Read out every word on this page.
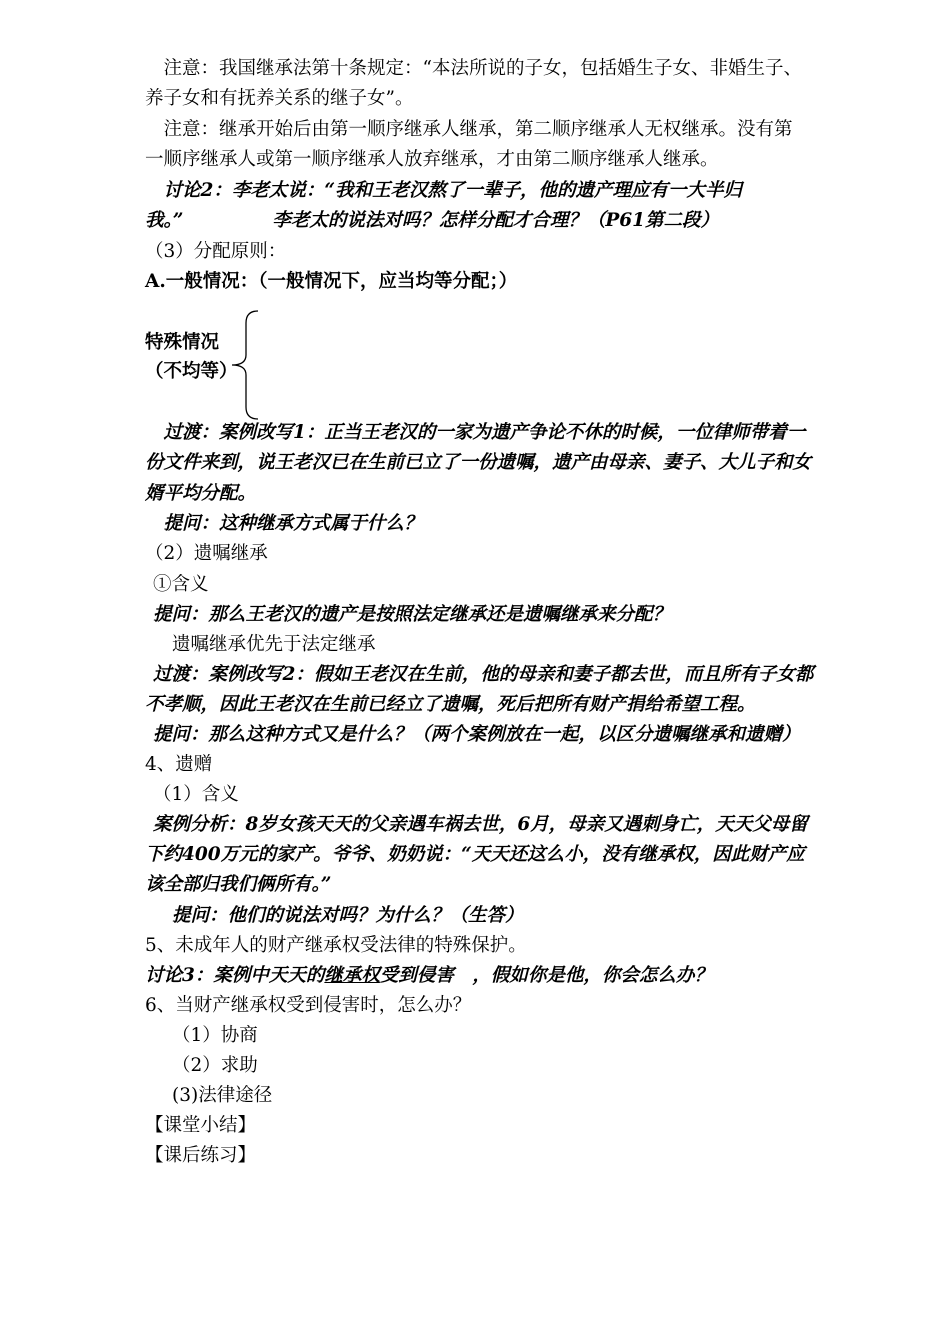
　注意：我国继承法第十条规定：“本法所说的子女，包括婚生子女、非婚生子、
养子女和有抚养关系的继子女”。
　注意：继承开始后由第一顺序继承人继承，第二顺序继承人无权继承。没有第
一顺序继承人或第一顺序继承人放弃继承，才由第二顺序继承人继承。
　讨论2：李老太说：“我和王老汉熬了一辈子，他的遗产理应有一大半归
我。”	李老太的说法对吗？怎样分配才合理？（P61第二段）
（3）分配原则：
A.一般情况：（一般情况下，应当均等分配；）
特殊情况
（不均等）
　过渡：案例改写1：正当王老汉的一家为遗产争论不休的时候，一位律师带着一
份文件来到，说王老汉已在生前已立了一份遗嘱，遗产由母亲、妻子、大儿子和女
婿平均分配。
　提问：这种继承方式属于什么？
（2）遗嘱继承
①含义
提问：那么王老汉的遗产是按照法定继承还是遗嘱继承来分配？
遗嘱继承优先于法定继承
过渡：案例改写2：假如王老汉在生前，他的母亲和妻子都去世，而且所有子女都
不孝顺，因此王老汉在生前已经立了遗嘱，死后把所有财产捐给希望工程。
提问：那么这种方式又是什么？（两个案例放在一起，以区分遗嘱继承和遗赠）
4、遗赠
（1）含义
案例分析：8岁女孩天天的父亲遇车祸去世，6月，母亲又遇刺身亡，天天父母留
下约400万元的家产。爷爷、奶奶说：“天天还这么小，没有继承权，因此财产应
该全部归我们俩所有。”
提问：他们的说法对吗？为什么？（生答）
5、未成年人的财产继承权受法律的特殊保护。
讨论3：案例中天天的继承权受到侵害　，假如你是他，你会怎么办？
6、当财产继承权受到侵害时，怎么办？
（1）协商
（2）求助
(3)法律途径
【课堂小结】
【课后练习】
